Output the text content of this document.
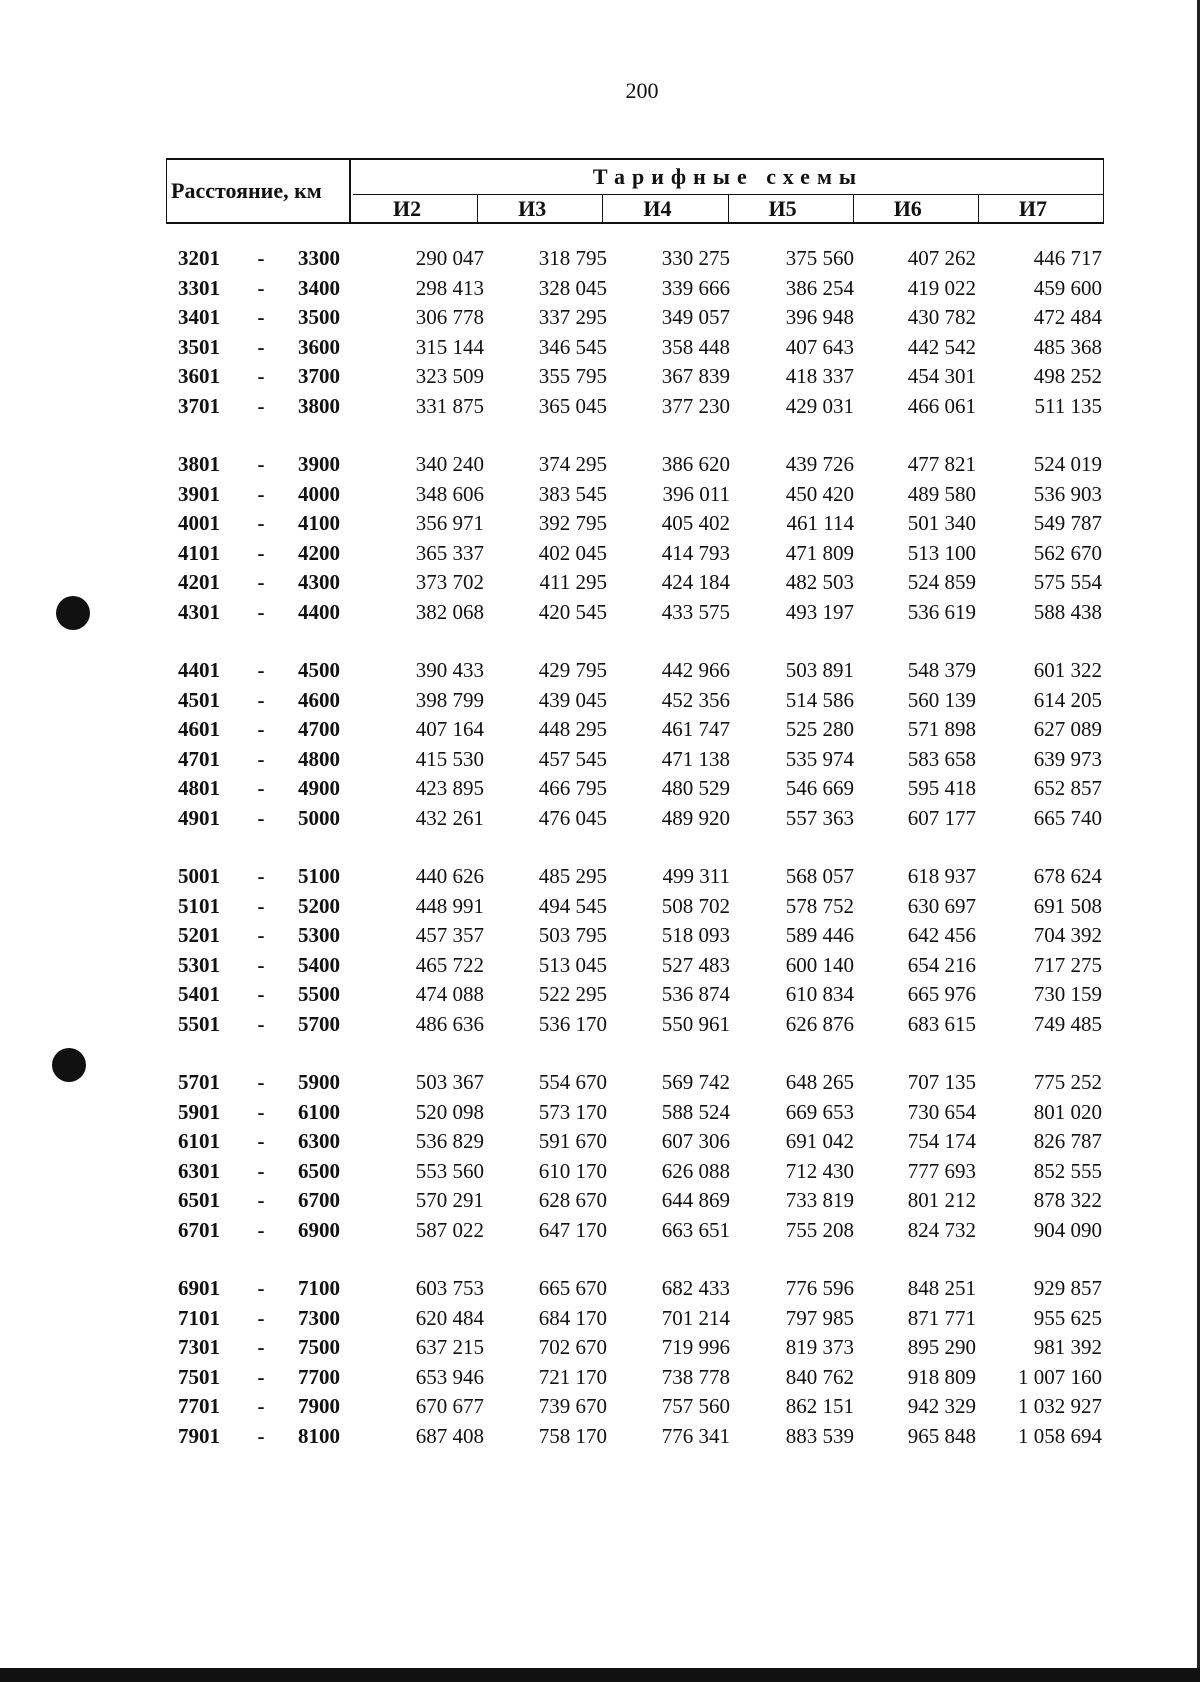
200
Расстояние, км
Тарифные схемы
И2	И3	И4	И5	И6	И7
3201	-	3300	290 047	318 795	330 275	375 560	407 262	446 717
3301	-	3400	298 413	328 045	339 666	386 254	419 022	459 600
3401	-	3500	306 778	337 295	349 057	396 948	430 782	472 484
3501	-	3600	315 144	346 545	358 448	407 643	442 542	485 368
3601	-	3700	323 509	355 795	367 839	418 337	454 301	498 252
3701	-	3800	331 875	365 045	377 230	429 031	466 061	511 135
3801	-	3900	340 240	374 295	386 620	439 726	477 821	524 019
3901	-	4000	348 606	383 545	396 011	450 420	489 580	536 903
4001	-	4100	356 971	392 795	405 402	461 114	501 340	549 787
4101	-	4200	365 337	402 045	414 793	471 809	513 100	562 670
4201	-	4300	373 702	411 295	424 184	482 503	524 859	575 554
4301	-	4400	382 068	420 545	433 575	493 197	536 619	588 438
4401	-	4500	390 433	429 795	442 966	503 891	548 379	601 322
4501	-	4600	398 799	439 045	452 356	514 586	560 139	614 205
4601	-	4700	407 164	448 295	461 747	525 280	571 898	627 089
4701	-	4800	415 530	457 545	471 138	535 974	583 658	639 973
4801	-	4900	423 895	466 795	480 529	546 669	595 418	652 857
4901	-	5000	432 261	476 045	489 920	557 363	607 177	665 740
5001	-	5100	440 626	485 295	499 311	568 057	618 937	678 624
5101	-	5200	448 991	494 545	508 702	578 752	630 697	691 508
5201	-	5300	457 357	503 795	518 093	589 446	642 456	704 392
5301	-	5400	465 722	513 045	527 483	600 140	654 216	717 275
5401	-	5500	474 088	522 295	536 874	610 834	665 976	730 159
5501	-	5700	486 636	536 170	550 961	626 876	683 615	749 485
5701	-	5900	503 367	554 670	569 742	648 265	707 135	775 252
5901	-	6100	520 098	573 170	588 524	669 653	730 654	801 020
6101	-	6300	536 829	591 670	607 306	691 042	754 174	826 787
6301	-	6500	553 560	610 170	626 088	712 430	777 693	852 555
6501	-	6700	570 291	628 670	644 869	733 819	801 212	878 322
6701	-	6900	587 022	647 170	663 651	755 208	824 732	904 090
6901	-	7100	603 753	665 670	682 433	776 596	848 251	929 857
7101	-	7300	620 484	684 170	701 214	797 985	871 771	955 625
7301	-	7500	637 215	702 670	719 996	819 373	895 290	981 392
7501	-	7700	653 946	721 170	738 778	840 762	918 809	1 007 160
7701	-	7900	670 677	739 670	757 560	862 151	942 329	1 032 927
7901	-	8100	687 408	758 170	776 341	883 539	965 848	1 058 694
